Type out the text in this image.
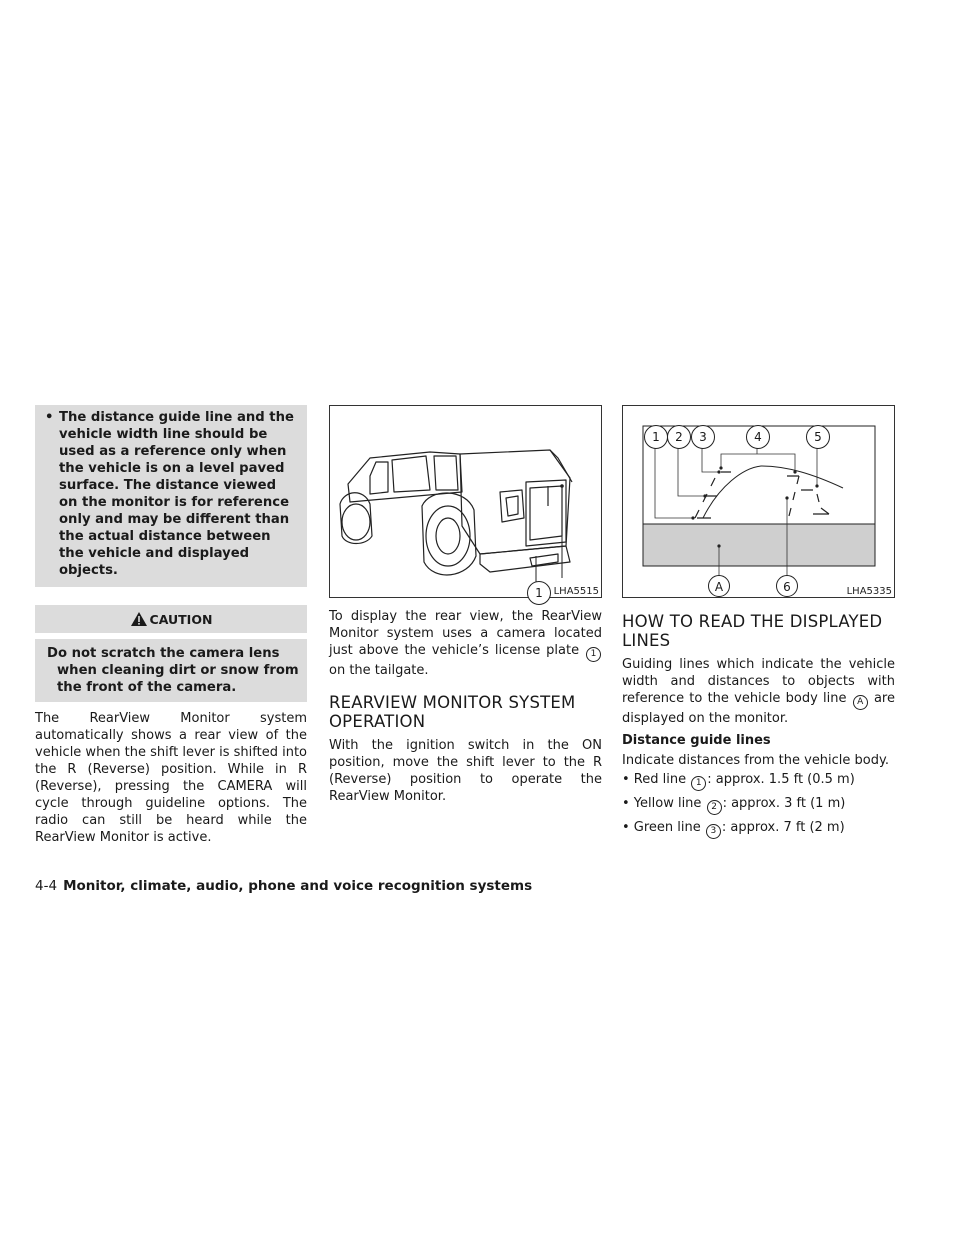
• The distance guide line and the vehicle width line should be used as a reference only when the vehicle is on a level paved surface. The distance viewed on the monitor is for reference only and may be different than the actual distance between the vehicle and displayed objects.
CAUTION

Do not scratch the camera lens when cleaning dirt or snow from the front of the camera.

The RearView Monitor system automatically shows a rear view of the vehicle when the shift lever is shifted into the R (Reverse) position. While in R (Reverse), pressing the CAMERA will cycle through guideline options. The radio can still be heard while the RearView Monitor is active.

1	LHA5515

To display the rear view, the RearView Monitor system uses a camera located just above the vehicle’s license plate 1 on the tailgate.

REARVIEW MONITOR SYSTEM OPERATION

With the ignition switch in the ON position, move the shift lever to the R (Reverse) position to operate the RearView Monitor.

1	2	3	4	5
A	6	LHA5335
HOW TO READ THE DISPLAYED LINES

Guiding lines which indicate the vehicle width and distances to objects with reference to the vehicle body line A are displayed on the monitor.

Distance guide lines

Indicate distances from the vehicle body.

• Red line 1 : approx. 1.5 ft (0.5 m)
• Yellow line 2 : approx. 3 ft (1 m)
• Green line 3 : approx. 7 ft (2 m)
4-4 Monitor, climate, audio, phone and voice recognition systems
